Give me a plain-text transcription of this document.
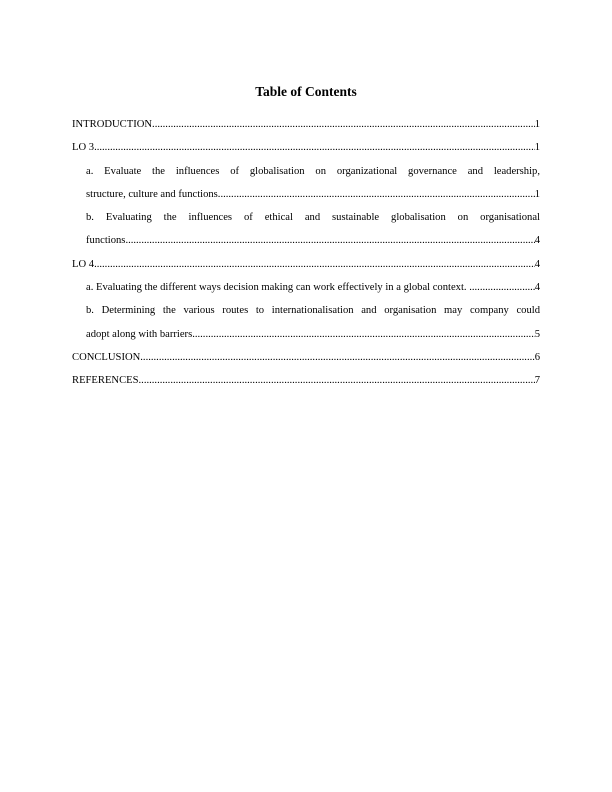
Table of Contents
INTRODUCTION .....	1
LO 3 .....	1
a. Evaluate the influences of globalisation on organizational governance and leadership,
structure, culture and functions .....	1
b. Evaluating the influences of ethical and sustainable globalisation on organisational
functions .....	4
LO 4 .....	4
a. Evaluating the different ways decision making can work effectively in a global context. . .....	4
b. Determining the various routes to internationalisation and organisation may company could
adopt along with barriers .....	5
CONCLUSION .....	6
REFERENCES .....	7
